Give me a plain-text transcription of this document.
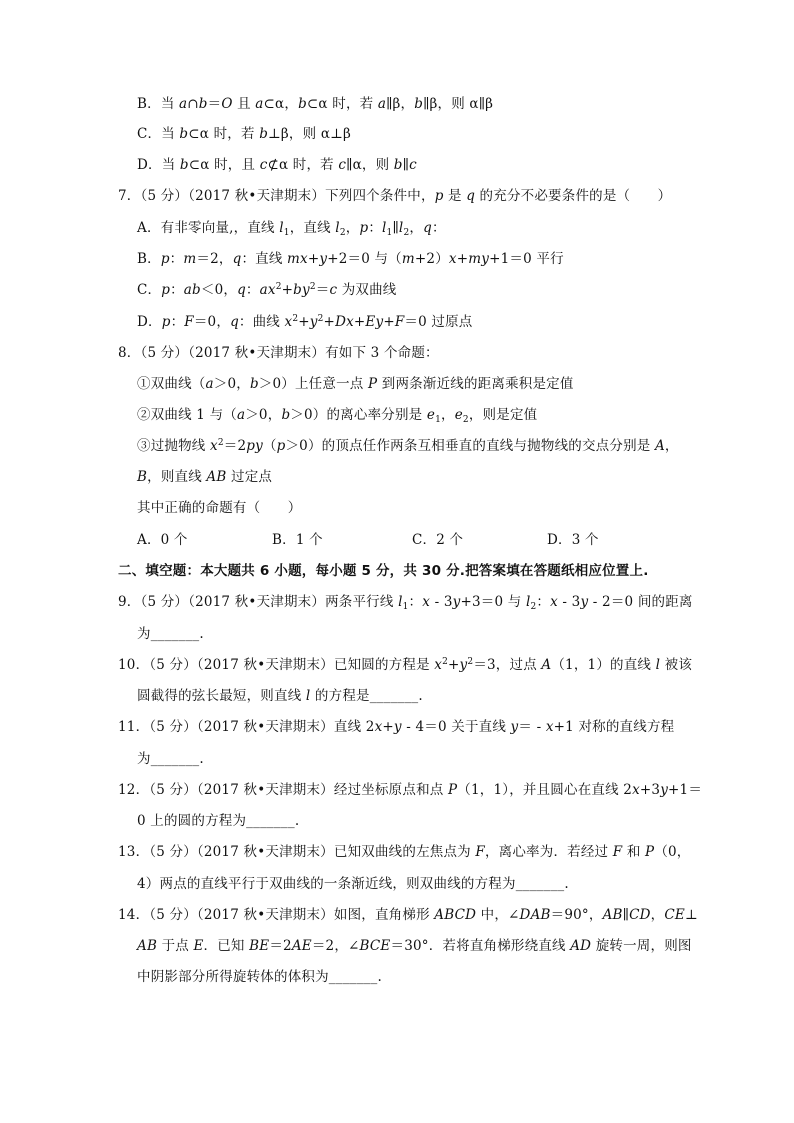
B．当 a∩b＝O 且 a⊂α，b⊂α 时，若 a∥β，b∥β，则 α∥β
C．当 b⊂α 时，若 b⊥β，则 α⊥β
D．当 b⊂α 时，且 c⊄α 时，若 c∥α，则 b∥c
7．（5 分）（2017 秋•天津期末）下列四个条件中，p 是 q 的充分不必要条件的是（　　）
A．有非零向量,，直线 $l_1$，直线 $l_2$，p：$l_1\parallel l_2$，q：
B．p：m＝2，q：直线 mx+y+2＝0 与（m+2）x+my+1＝0 平行
C．p：ab＜0，q：$ax^2+by^2=c$ 为双曲线
D．p：F＝0，q：曲线 $x^2+y^2+Dx+Ey+F=0$ 过原点
8．（5 分）（2017 秋•天津期末）有如下 3 个命题：
①双曲线（a＞0，b＞0）上任意一点 P 到两条渐近线的距离乘积是定值
②双曲线 1 与（a＞0，b＞0）的离心率分别是 $e_1$，$e_2$，则是定值
③过抛物线 $x^2=2py(p>0)$的顶点任作两条互相垂直的直线与抛物线的交点分别是 A，
B，则直线 AB 过定点
其中正确的命题有（　　）
二、填空题：本大题共 6 小题，每小题 5 分，共 30 分.把答案填在答题纸相应位置上.
9．（5 分）（2017 秋•天津期末）两条平行线 $l_1$：x - 3y+3＝0 与 $l_2$：x - 3y - 2＝0 间的距离
为_______.
10．（5 分）（2017 秋•天津期末）已知圆的方程是 $x^2+y^2=3$，过点 A（1，1）的直线 l 被该
圆截得的弦长最短，则直线 l 的方程是_______.
11．（5 分）（2017 秋•天津期末）直线 2x+y - 4＝0 关于直线 y＝ - x+1 对称的直线方程
为_______.
12．（5 分）（2017 秋•天津期末）经过坐标原点和点 P（1，1），并且圆心在直线 2x+3y+1＝
0 上的圆的方程为_______.
13．（5 分）（2017 秋•天津期末）已知双曲线的左焦点为 F，离心率为．若经过 F 和 P（0，
4）两点的直线平行于双曲线的一条渐近线，则双曲线的方程为_______.
14．（5 分）（2017 秋•天津期末）如图，直角梯形 ABCD 中，∠DAB＝90°，AB∥CD，CE⊥
AB 于点 E．已知 BE＝2AE＝2，∠BCE＝30°．若将直角梯形绕直线 AD 旋转一周，则图
中阴影部分所得旋转体的体积为_______.
A．0 个	B．1 个	C．2 个	D．3 个
